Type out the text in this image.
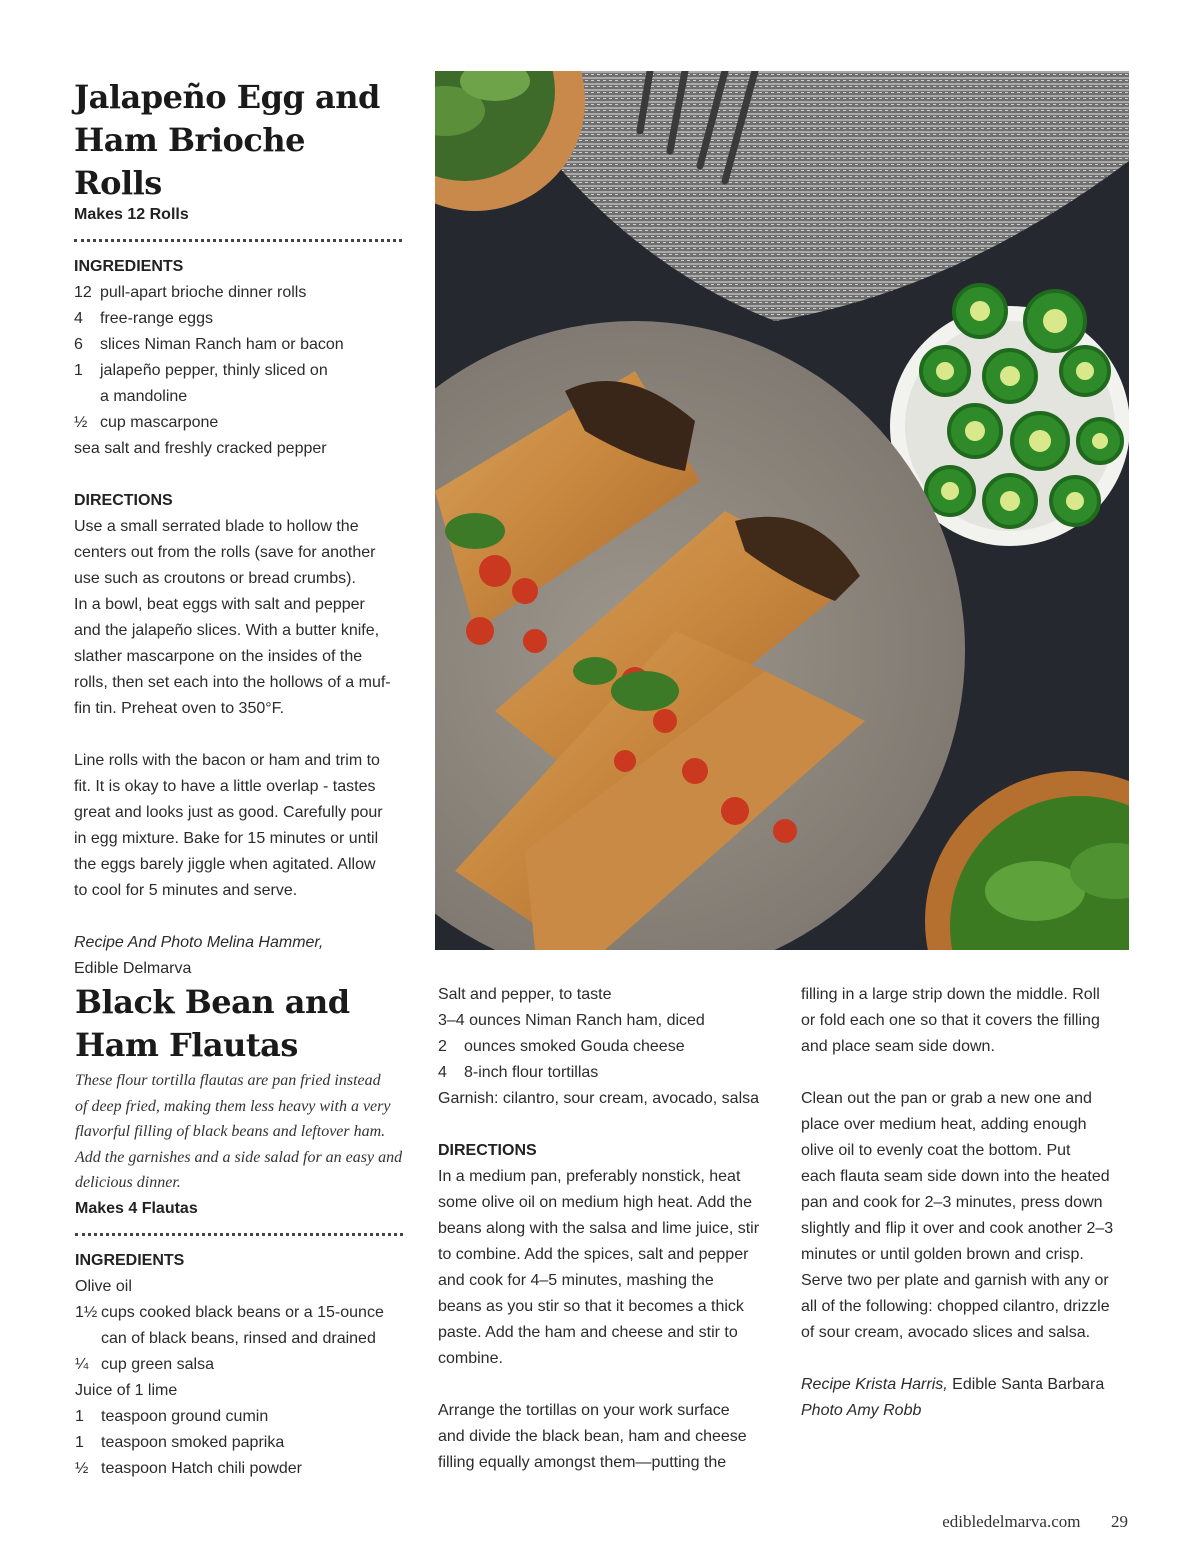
Jalapeño Egg and
Ham Brioche Rolls

Makes 12 Rolls

INGREDIENTS

12 pull-apart brioche dinner rolls
4	free-range eggs
6	slices Niman Ranch ham or bacon
1	jalapeño pepper, thinly sliced on
a mandoline
½ cup mascarpone
sea salt and freshly cracked pepper

DIRECTIONS

Use a small serrated blade to hollow the
centers out from the rolls (save for another
use such as croutons or bread crumbs).
In a bowl, beat eggs with salt and pepper
and the jalapeño slices. With a butter knife,
slather mascarpone on the insides of the
rolls, then set each into the hollows of a muf-
fin tin. Preheat oven to 350°F.
Line rolls with the bacon or ham and trim to
fit. It is okay to have a little overlap - tastes
great and looks just as good. Carefully pour
in egg mixture. Bake for 15 minutes or until
the eggs barely jiggle when agitated. Allow
to cool for 5 minutes and serve.
Recipe And Photo Melina Hammer,
Edible Delmarva
Black Bean and
Ham Flautas

These flour tortilla flautas are pan fried instead

of deep fried, making them less heavy with a very

flavorful filling of black beans and leftover ham.

Add the garnishes and a side salad for an easy and

delicious dinner.

Makes 4 Flautas

INGREDIENTS

Olive oil
1½ cups cooked black beans or a 15-ounce
can of black beans, rinsed and drained
¼ cup green salsa
Juice of 1 lime
1	teaspoon ground cumin
1	teaspoon smoked paprika
½ teaspoon Hatch chili powder
Salt and pepper, to taste
3–4 ounces Niman Ranch ham, diced
2	ounces smoked Gouda cheese
4	8-inch flour tortillas
Garnish: cilantro, sour cream, avocado, salsa

DIRECTIONS

In a medium pan, preferably nonstick, heat
some olive oil on medium high heat. Add the
beans along with the salsa and lime juice, stir
to combine. Add the spices, salt and pepper
and cook for 4–5 minutes, mashing the
beans as you stir so that it becomes a thick
paste. Add the ham and cheese and stir to
combine.
Arrange the tortillas on your work surface
and divide the black bean, ham and cheese
filling equally amongst them—putting the
filling in a large strip down the middle. Roll
or fold each one so that it covers the filling
and place seam side down.
Clean out the pan or grab a new one and
place over medium heat, adding enough
olive oil to evenly coat the bottom. Put
each flauta seam side down into the heated
pan and cook for 2–3 minutes, press down
slightly and flip it over and cook another 2–3
minutes or until golden brown and crisp.
Serve two per plate and garnish with any or
all of the following: chopped cilantro, drizzle
of sour cream, avocado slices and salsa.
Recipe Krista Harris, Edible Santa Barbara
Photo Amy Robb
edibledelmarva.com 29
